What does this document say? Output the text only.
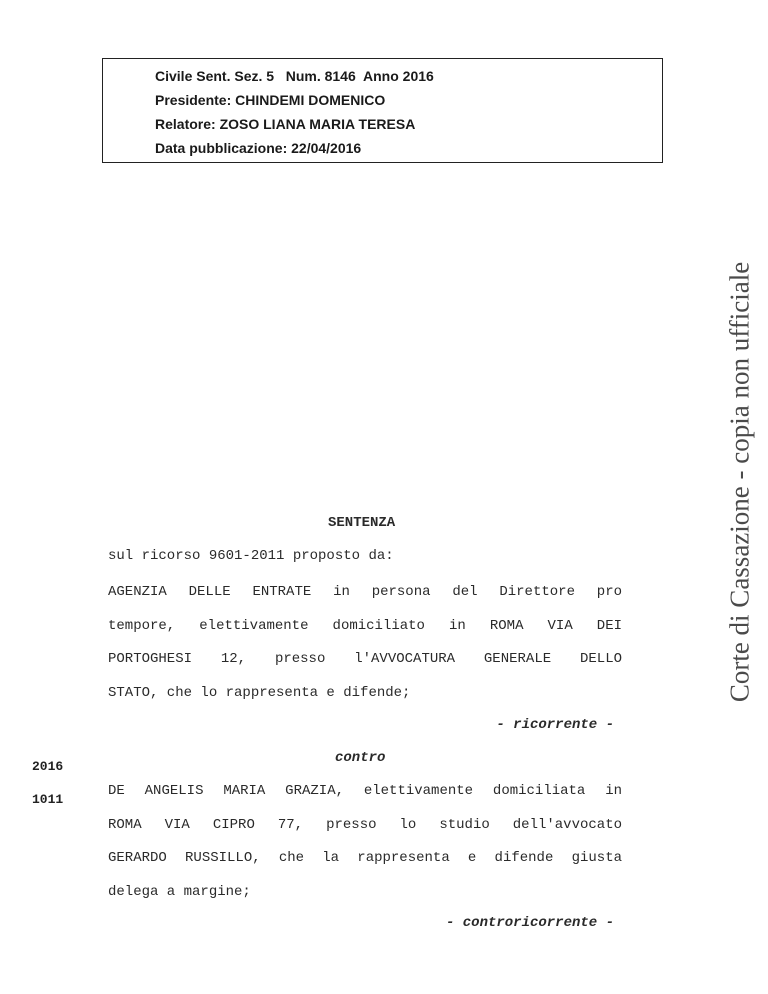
Civile Sent. Sez. 5   Num. 8146  Anno 2016
Presidente: CHINDEMI DOMENICO
Relatore: ZOSO LIANA MARIA TERESA
Data pubblicazione: 22/04/2016
Corte di Cassazione - copia non ufficiale
SENTENZA
sul ricorso 9601-2011 proposto da:
AGENZIA DELLE ENTRATE in persona del Direttore pro
tempore, elettivamente domiciliato in ROMA VIA DEI
PORTOGHESI 12, presso l'AVVOCATURA GENERALE DELLO
STATO, che lo rappresenta e difende;
- ricorrente -
contro
2016
1011
DE ANGELIS MARIA GRAZIA, elettivamente domiciliata in
ROMA VIA CIPRO 77, presso lo studio dell'avvocato
GERARDO RUSSILLO, che la rappresenta e difende giusta
delega a margine;
- controricorrente -
